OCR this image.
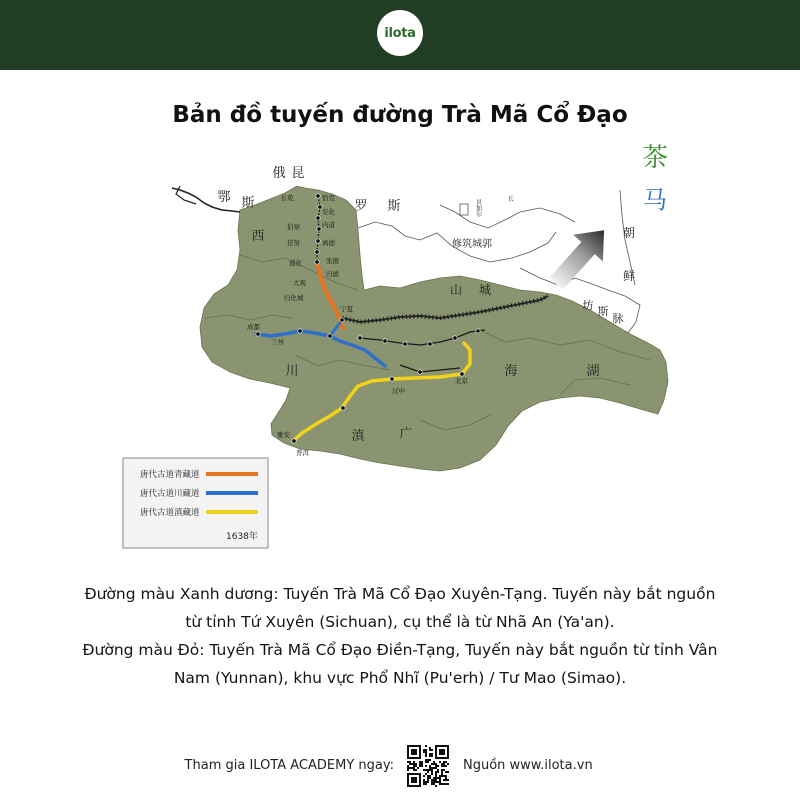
ilota
Bản đồ tuyến đường Trà Mã Cổ Đạo
俄 昆
罗 斯
鄂 斯
西
川
滇	广
海	湖
山 城
朝
鲜
坊 斯
脉
修筑城郭
贝加尔	长
长乾	恰克
安化
伯察	内道
佳努	离德
通化	张掖
归德
大观
归化城
宁夏
成都
兰州
汉中
北京
雅安
普洱
茶
马
唐代古道青藏道
唐代古道川藏道
唐代古道滇藏道
1638年
Đường màu Xanh dương: Tuyến Trà Mã Cổ Đạo Xuyên-Tạng. Tuyến này bắt nguồn
từ tỉnh Tứ Xuyên (Sichuan), cụ thể là từ Nhã An (Ya'an).
Đường màu Đỏ: Tuyến Trà Mã Cổ Đạo Điền-Tạng, Tuyến này bắt nguồn từ tỉnh Vân
Nam (Yunnan), khu vực Phổ Nhĩ (Pu'erh) / Tư Mao (Simao).
Tham gia ILOTA ACADEMY ngay:	Nguồn www.ilota.vn
